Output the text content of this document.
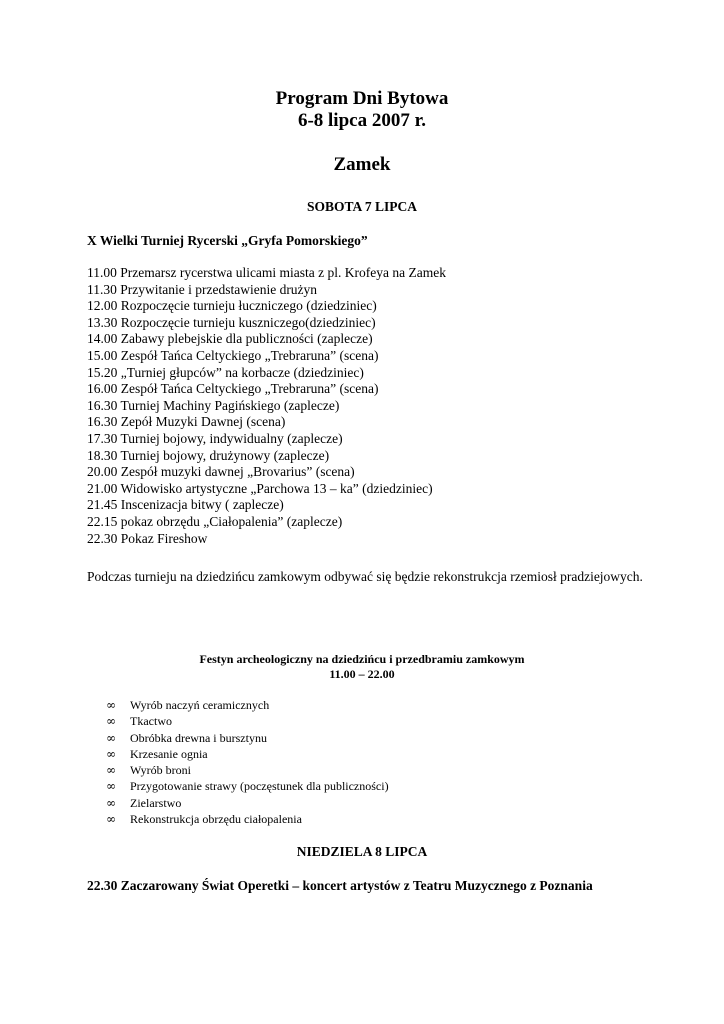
Program Dni Bytowa
6-8 lipca 2007 r.
Zamek
SOBOTA 7 LIPCA
X Wielki Turniej Rycerski „Gryfa Pomorskiego”
11.00 Przemarsz rycerstwa ulicami miasta z pl. Krofeya na Zamek
11.30 Przywitanie i przedstawienie drużyn
12.00 Rozpoczęcie turnieju łuczniczego (dziedziniec)
13.30 Rozpoczęcie turnieju kuszniczego(dziedziniec)
14.00 Zabawy plebejskie dla publiczności (zaplecze)
15.00 Zespół Tańca Celtyckiego „Trebraruna” (scena)
15.20 „Turniej głupców” na korbacze (dziedziniec)
16.00 Zespół Tańca Celtyckiego „Trebraruna” (scena)
16.30 Turniej Machiny Pagińskiego (zaplecze)
16.30 Zepół Muzyki Dawnej (scena)
17.30 Turniej bojowy, indywidualny (zaplecze)
18.30 Turniej bojowy, drużynowy (zaplecze)
20.00 Zespół muzyki dawnej „Brovarius” (scena)
21.00 Widowisko artystyczne „Parchowa 13 – ka” (dziedziniec)
21.45 Inscenizacja bitwy ( zaplecze)
22.15 pokaz obrzędu „Ciałopalenia” (zaplecze)
22.30 Pokaz Fireshow
Podczas turnieju na dziedzińcu zamkowym odbywać się będzie rekonstrukcja rzemiosł pradziejowych.
Festyn archeologiczny na dziedzińcu i przedbramiu zamkowym
11.00 – 22.00
∞ Wyrób naczyń ceramicznych
∞ Tkactwo
∞ Obróbka drewna i bursztynu
∞ Krzesanie ognia
∞ Wyrób broni
∞ Przygotowanie strawy (poczęstunek dla publiczności)
∞ Zielarstwo
∞ Rekonstrukcja obrzędu ciałopalenia
NIEDZIELA 8 LIPCA
22.30 Zaczarowany Świat Operetki – koncert artystów z Teatru Muzycznego z Poznania
